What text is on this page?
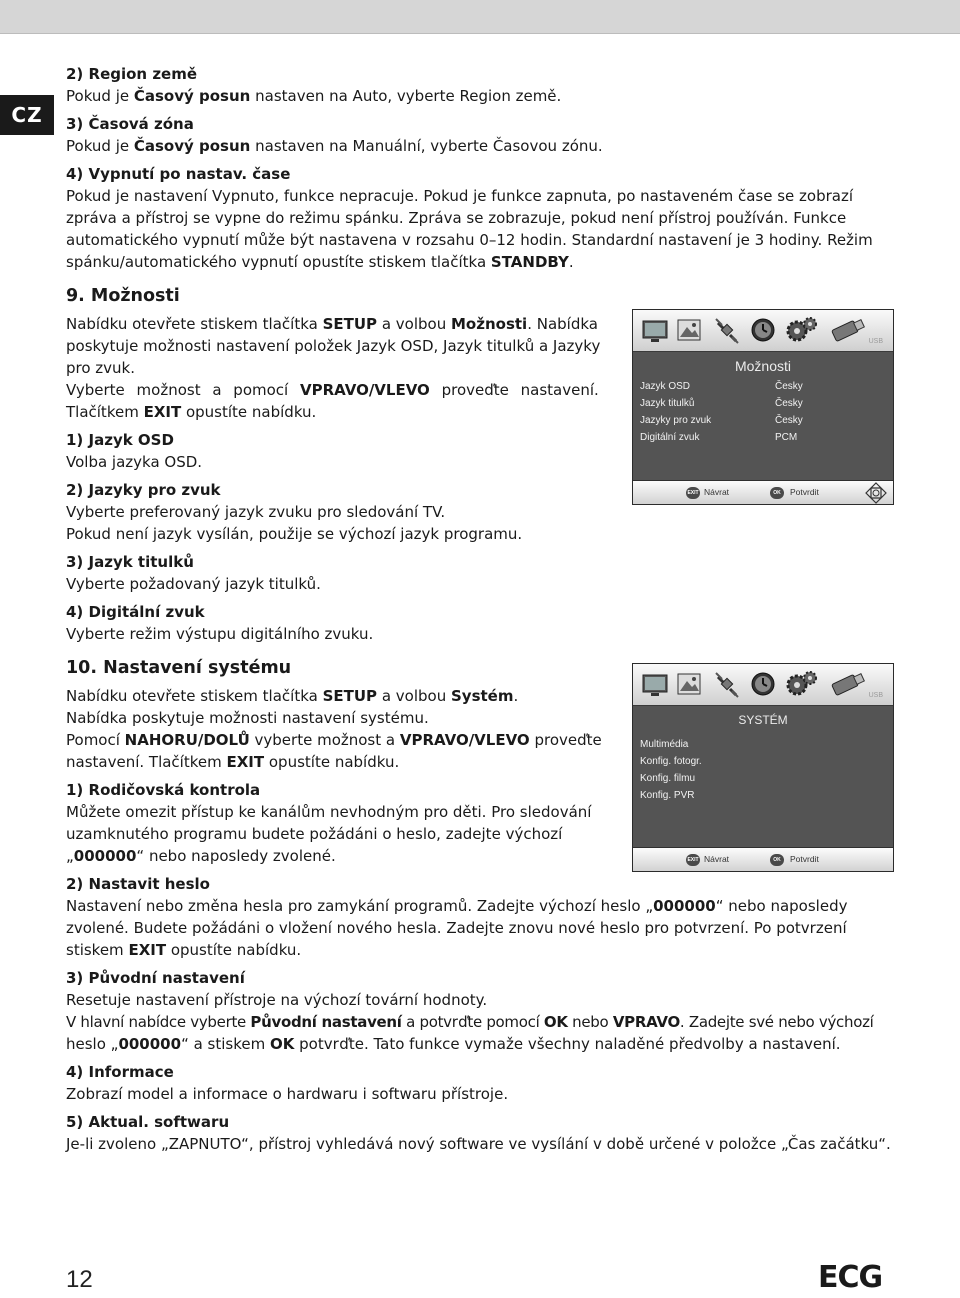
CZ
2) Region země
Pokud je Časový posun nastaven na Auto, vyberte Region země.
3) Časová zóna
Pokud je Časový posun nastaven na Manuální, vyberte Časovou zónu.
4) Vypnutí po nastav. čase
Pokud je nastavení Vypnuto, funkce nepracuje. Pokud je funkce zapnuta, po nastaveném čase se zobrazí
zpráva a přístroj se vypne do režimu spánku. Zpráva se zobrazuje, pokud není přístroj používán. Funkce
automatického vypnutí může být nastavena v rozsahu 0–12 hodin. Standardní nastavení je 3 hodiny. Režim
spánku/automatického vypnutí opustíte stiskem tlačítka STANDBY.
9. Možnosti
Nabídku otevřete stiskem tlačítka SETUP a volbou Možnosti. Nabídka
poskytuje možnosti nastavení položek Jazyk OSD, Jazyk titulků a Jazyky
pro zvuk.
Vyberte možnost a pomocí VPRAVO/VLEVO proveďte nastavení.
Tlačítkem EXIT opustíte nabídku.
1) Jazyk OSD
Volba jazyka OSD.
2) Jazyky pro zvuk
Vyberte preferovaný jazyk zvuku pro sledování TV.
Pokud není jazyk vysílán, použije se výchozí jazyk programu.
3) Jazyk titulků
Vyberte požadovaný jazyk titulků.
4) Digitální zvuk
Vyberte režim výstupu digitálního zvuku.
USB
Možnosti
Jazyk OSD	Česky
Jazyk titulků	Česky
Jazyky pro zvuk	Česky
Digitální zvuk	PCM
EXIT Návrat	OK	Potvrdit
10. Nastavení systému
Nabídku otevřete stiskem tlačítka SETUP a volbou Systém.
Nabídka poskytuje možnosti nastavení systému.
Pomocí NAHORU/DOLŮ vyberte možnost a VPRAVO/VLEVO proveďte
nastavení. Tlačítkem EXIT opustíte nabídku.
1) Rodičovská kontrola
Můžete omezit přístup ke kanálům nevhodným pro děti. Pro sledování
uzamknutého programu budete požádáni o heslo, zadejte výchozí
„000000“ nebo naposledy zvolené.
2) Nastavit heslo
Nastavení nebo změna hesla pro zamykání programů. Zadejte výchozí heslo „000000“ nebo naposledy
zvolené. Budete požádáni o vložení nového hesla. Zadejte znovu nové heslo pro potvrzení. Po potvrzení
stiskem EXIT opustíte nabídku.
3) Původní nastavení
Resetuje nastavení přístroje na výchozí tovární hodnoty.
V hlavní nabídce vyberte Původní nastavení a potvrďte pomocí OK nebo VPRAVO. Zadejte své nebo výchozí
heslo „000000“ a stiskem OK potvrďte. Tato funkce vymaže všechny naladěné předvolby a nastavení.
4) Informace
Zobrazí model a informace o hardwaru i softwaru přístroje.
5) Aktual. softwaru
Je-li zvoleno „ZAPNUTO“, přístroj vyhledává nový software ve vysílání v době určené v položce „Čas začátku“.
USB
SYSTÉM
Multimédia
Konfig. fotogr.
Konfig. filmu
Konfig. PVR
EXIT Návrat	OK	Potvrdit
12	ECG
